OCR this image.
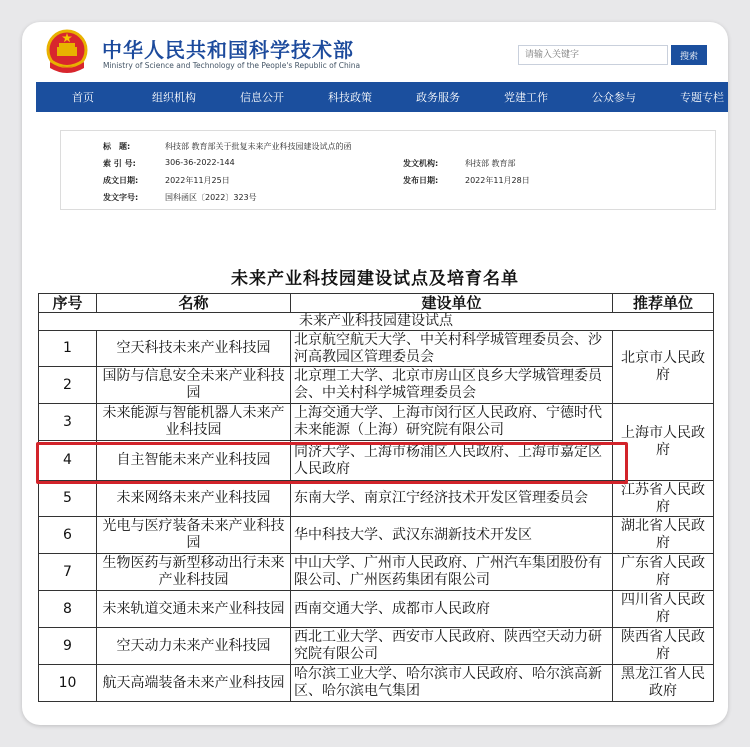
中华人民共和国科学技术部
Ministry of Science and Technology of the People's Republic of China
请输入关键字
搜索
首页	组织机构	信息公开	科技政策	政务服务	党建工作	公众参与	专题专栏
标　题:	科技部 教育部关于批复未来产业科技园建设试点的函
索 引 号:	306-36-2022-144	发文机构:	科技部 教育部
成文日期:	2022年11月25日	发布日期:	2022年11月28日
发文字号:	国科函区〔2022〕323号
未来产业科技园建设试点及培育名单
序号	名称	建设单位	推荐单位
未来产业科技园建设试点			
1	空天科技未来产业科技园	北京航空航天大学、中关村科学城管理委员会、沙河高教园区管理委员会	北京市人民政府
2	国防与信息安全未来产业科技园	北京理工大学、北京市房山区良乡大学城管理委员会、中关村科学城管理委员会	
3	未来能源与智能机器人未来产业科技园	上海交通大学、上海市闵行区人民政府、宁德时代未来能源（上海）研究院有限公司	上海市人民政府
4	自主智能未来产业科技园	同济大学、上海市杨浦区人民政府、上海市嘉定区人民政府	
5	未来网络未来产业科技园	东南大学、南京江宁经济技术开发区管理委员会	江苏省人民政府
6	光电与医疗装备未来产业科技园	华中科技大学、武汉东湖新技术开发区	湖北省人民政府
7	生物医药与新型移动出行未来产业科技园	中山大学、广州市人民政府、广州汽车集团股份有限公司、广州医药集团有限公司	广东省人民政府
8	未来轨道交通未来产业科技园	西南交通大学、成都市人民政府	四川省人民政府
9	空天动力未来产业科技园	西北工业大学、西安市人民政府、陕西空天动力研究院有限公司	陕西省人民政府
10	航天高端装备未来产业科技园	哈尔滨工业大学、哈尔滨市人民政府、哈尔滨高新区、哈尔滨电气集团	黑龙江省人民政府
